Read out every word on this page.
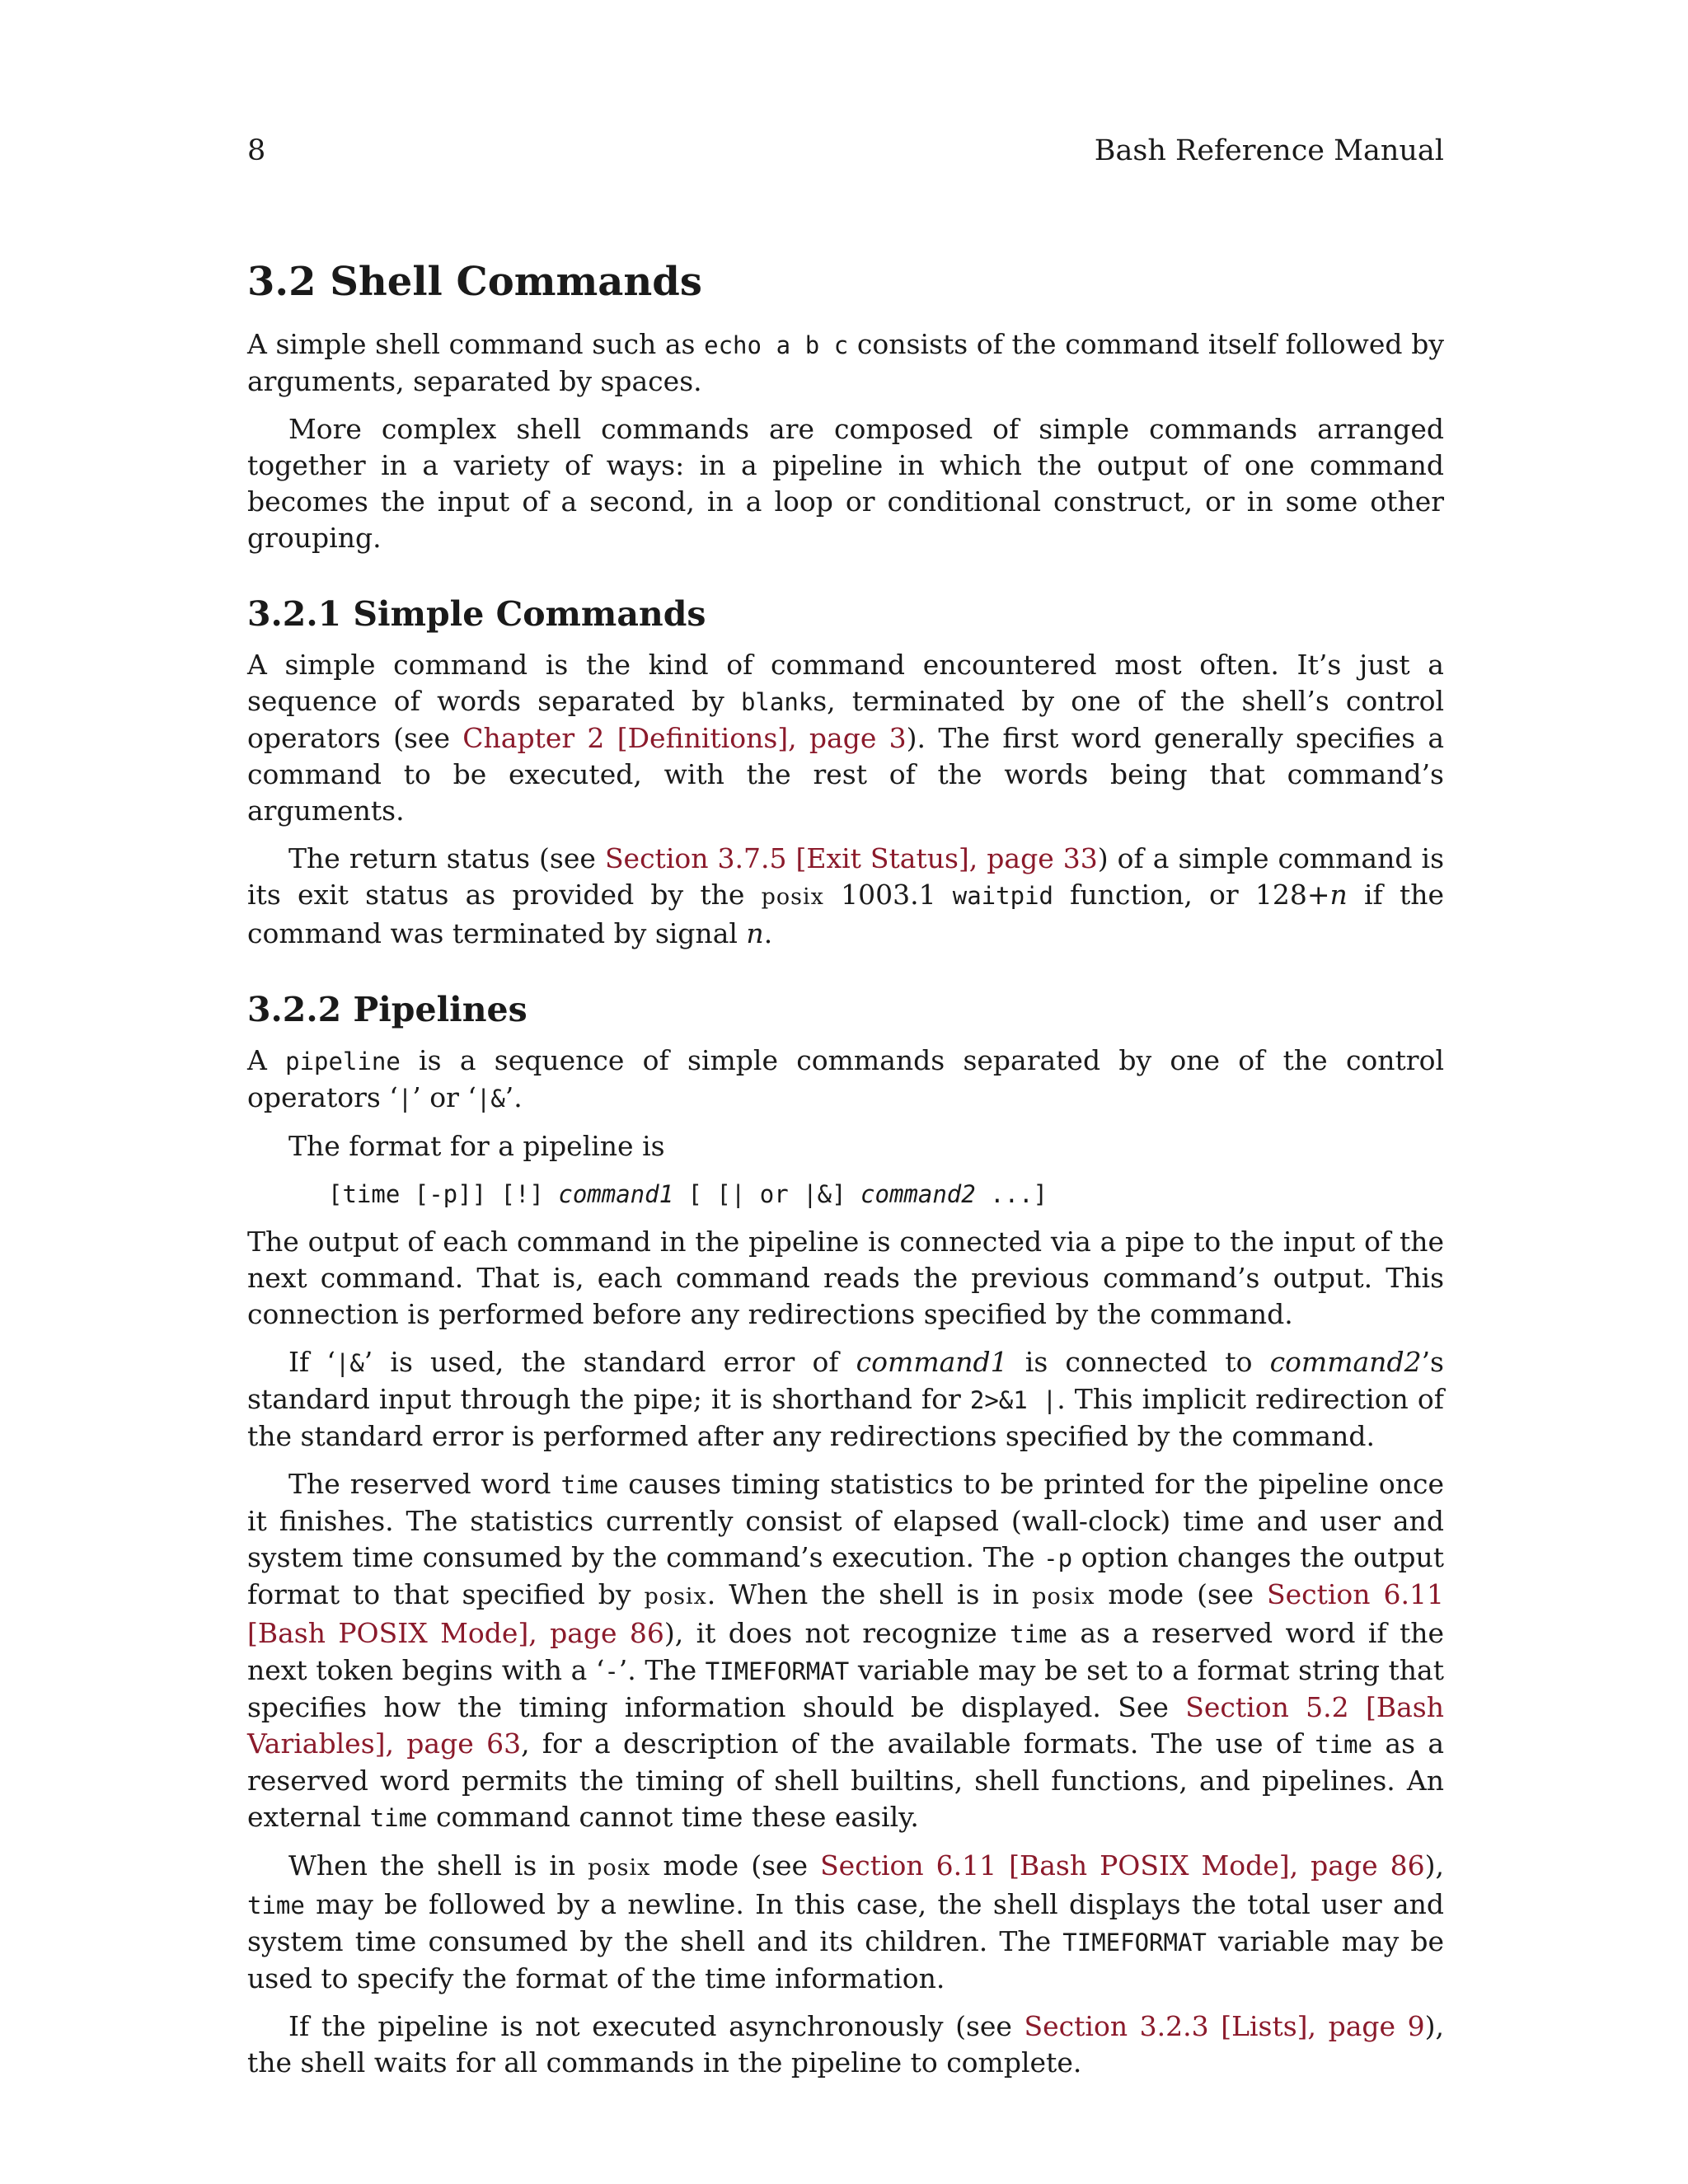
8	Bash Reference Manual
3.2 Shell Commands

A simple shell command such as echo a b c consists of the command itself followed by arguments, separated by spaces.

More complex shell commands are composed of simple commands arranged together in a variety of ways: in a pipeline in which the output of one command becomes the input of a second, in a loop or conditional construct, or in some other grouping.

3.2.1 Simple Commands

A simple command is the kind of command encountered most often. It’s just a sequence of words separated by blanks, terminated by one of the shell’s control operators (see Chapter 2 [Definitions], page 3). The first word generally specifies a command to be executed, with the rest of the words being that command’s arguments.

The return status (see Section 3.7.5 [Exit Status], page 33) of a simple command is its exit status as provided by the posix 1003.1 waitpid function, or 128+n if the command was terminated by signal n.

3.2.2 Pipelines

A pipeline is a sequence of simple commands separated by one of the control operators ‘|’ or ‘|&’.

The format for a pipeline is

[time [-p]] [!] command1 [ [| or |&] command2 ...]

The output of each command in the pipeline is connected via a pipe to the input of the next command. That is, each command reads the previous command’s output. This connection is performed before any redirections specified by the command.

If ‘|&’ is used, the standard error of command1 is connected to command2’s standard input through the pipe; it is shorthand for 2>&1 |. This implicit redirection of the standard error is performed after any redirections specified by the command.

The reserved word time causes timing statistics to be printed for the pipeline once it finishes. The statistics currently consist of elapsed (wall-clock) time and user and system time consumed by the command’s execution. The -p option changes the output format to that specified by posix. When the shell is in posix mode (see Section 6.11 [Bash POSIX Mode], page 86), it does not recognize time as a reserved word if the next token begins with a ‘-’. The TIMEFORMAT variable may be set to a format string that specifies how the timing information should be displayed. See Section 5.2 [Bash Variables], page 63, for a description of the available formats. The use of time as a reserved word permits the timing of shell builtins, shell functions, and pipelines. An external time command cannot time these easily.

When the shell is in posix mode (see Section 6.11 [Bash POSIX Mode], page 86), time may be followed by a newline. In this case, the shell displays the total user and system time consumed by the shell and its children. The TIMEFORMAT variable may be used to specify the format of the time information.

If the pipeline is not executed asynchronously (see Section 3.2.3 [Lists], page 9), the shell waits for all commands in the pipeline to complete.
